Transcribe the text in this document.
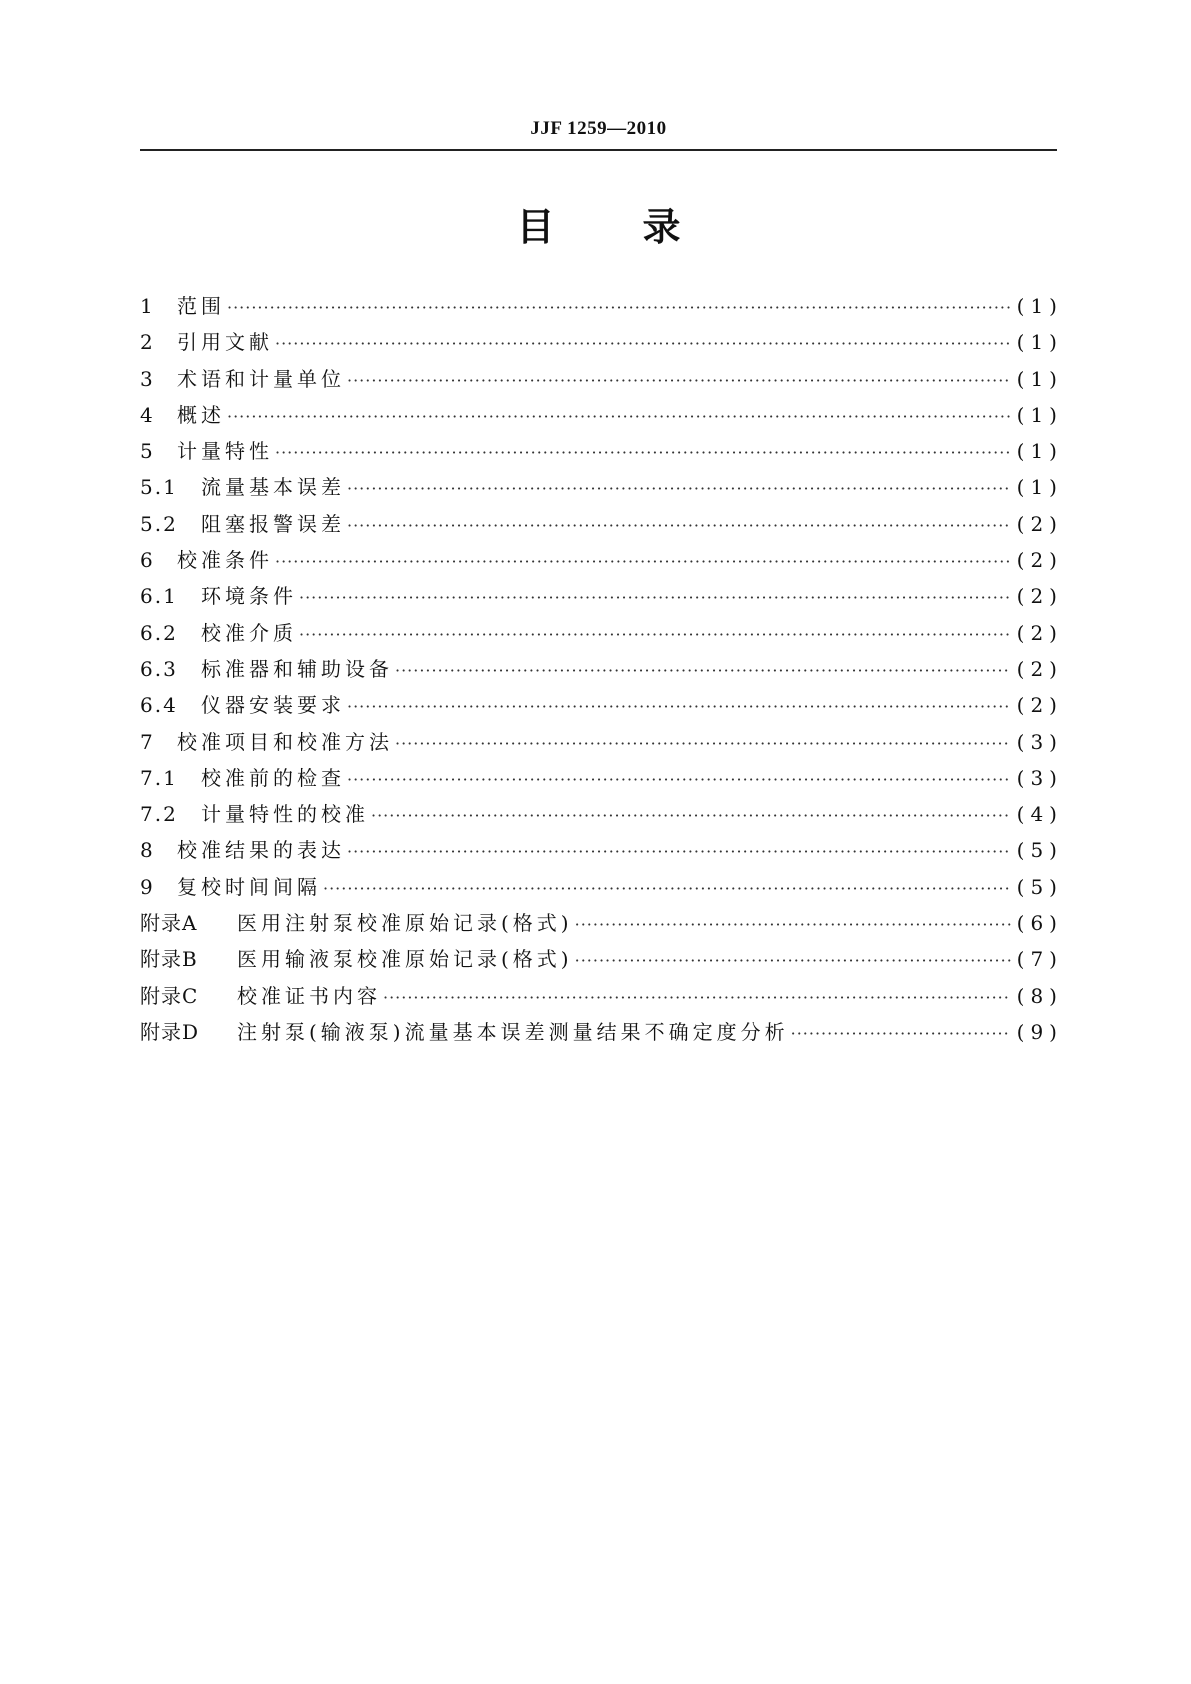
JJF 1259—2010
目 录
1	范围 ·····	(1)
2	引用文献 ·····	(1)
3	术语和计量单位 ·····	(1)
4	概述 ·····	(1)
5	计量特性 ·····	(1)
5.1	流量基本误差 ·····	(1)
5.2	阻塞报警误差 ·····	(2)
6	校准条件 ·····	(2)
6.1	环境条件 ·····	(2)
6.2	校准介质 ·····	(2)
6.3	标准器和辅助设备 ·····	(2)
6.4	仪器安装要求 ·····	(2)
7	校准项目和校准方法 ·····	(3)
7.1	校准前的检查 ·····	(3)
7.2	计量特性的校准 ·····	(4)
8	校准结果的表达 ·····	(5)
9	复校时间间隔 ·····	(5)
附录A	医用注射泵校准原始记录(格式) ·····	(6)
附录B	医用输液泵校准原始记录(格式) ·····	(7)
附录C	校准证书内容 ·····	(8)
附录D	注射泵(输液泵)流量基本误差测量结果不确定度分析 ·····	(9)
